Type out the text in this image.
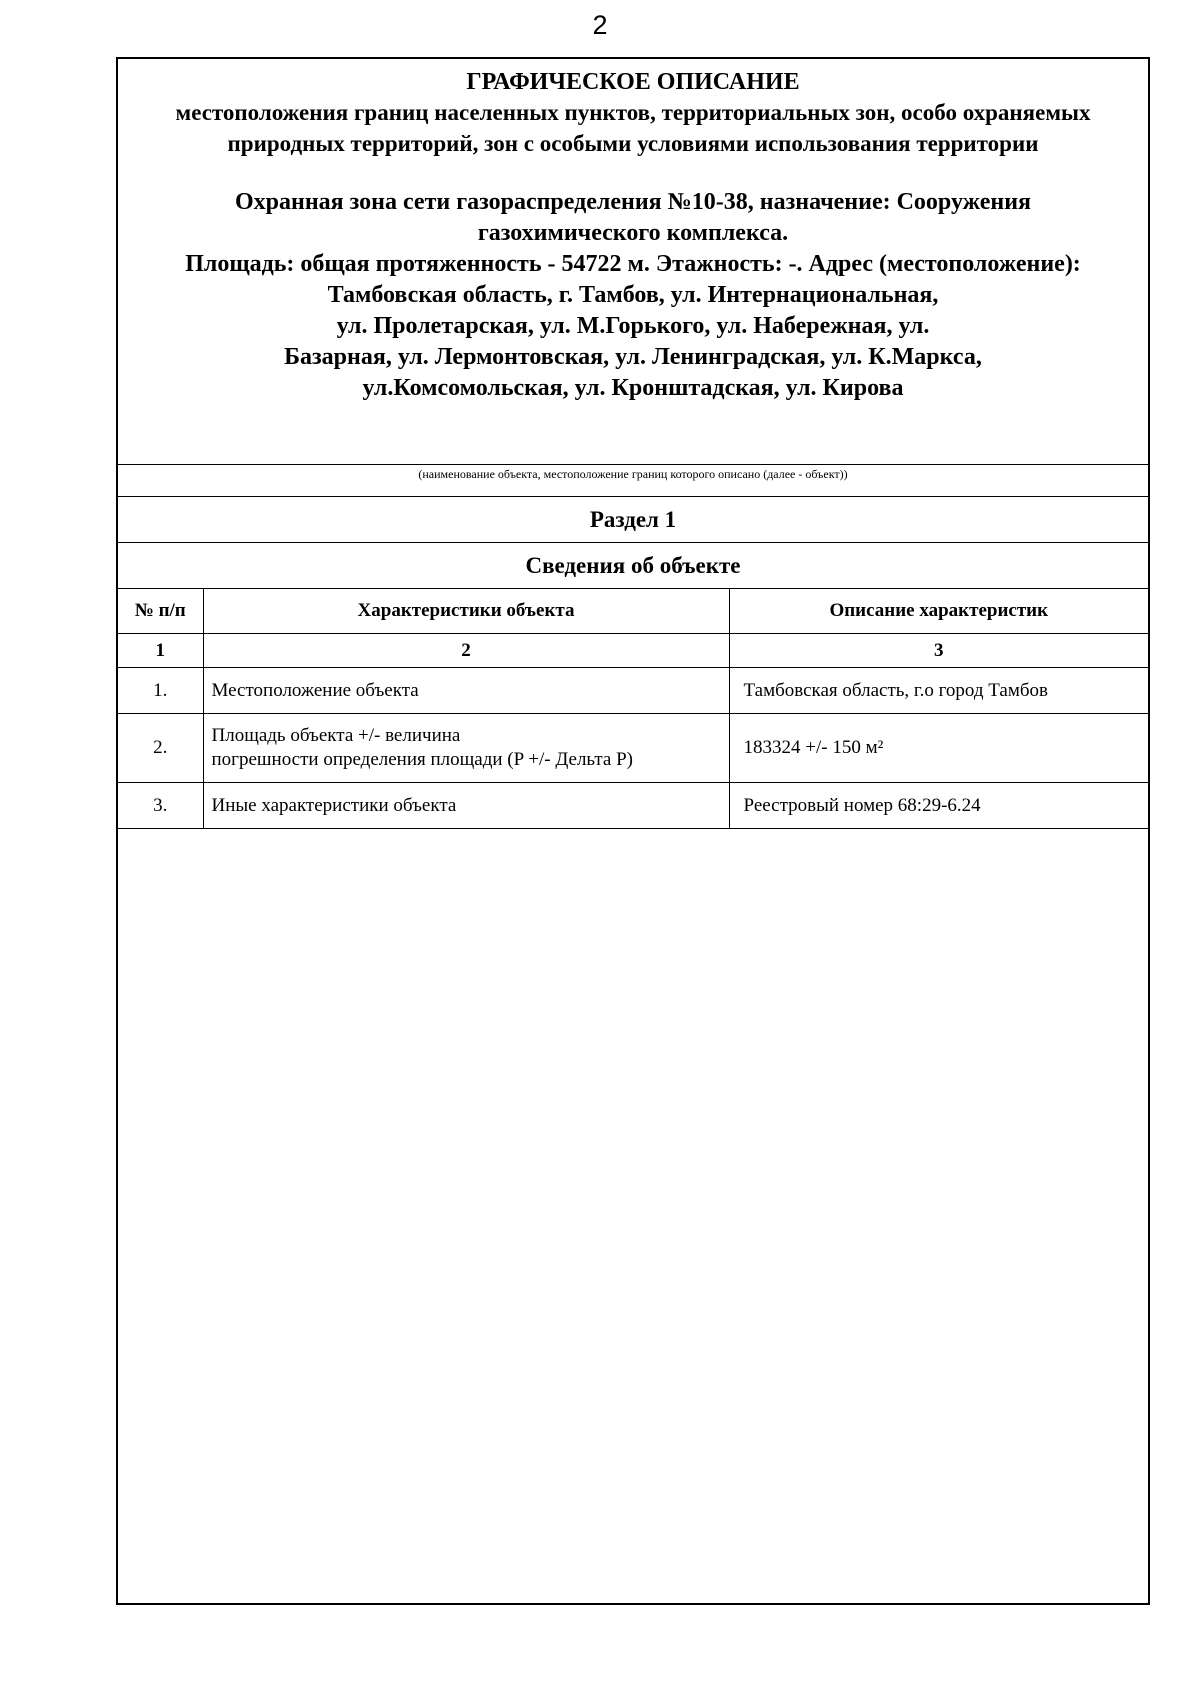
2
ГРАФИЧЕСКОЕ ОПИСАНИЕ
местоположения границ населенных пунктов, территориальных зон, особо охраняемых природных территорий, зон с особыми условиями использования территории
Охранная зона сети газораспределения №10-38, назначение: Сооружения
газохимического комплекса.
Площадь: общая протяженность - 54722 м. Этажность: -. Адрес (местоположение):
Тамбовская область, г. Тамбов, ул. Интернациональная,
ул. Пролетарская, ул. М.Горького, ул. Набережная, ул.
Базарная, ул. Лермонтовская, ул. Ленинградская, ул. К.Маркса,
ул.Комсомольская, ул. Кронштадская, ул. Кирова
(наименование объекта, местоположение границ которого описано (далее - объект))
Раздел 1
Сведения об объекте
№ п/п	Характеристики объекта	Описание характеристик
1	2	3
1.	Местоположение объекта	Тамбовская область, г.о город Тамбов
2.	Площадь объекта +/- величина
погрешности определения площади (P +/- Дельта P)	183324 +/- 150 м²
3.	Иные характеристики объекта	Реестровый номер 68:29-6.24
